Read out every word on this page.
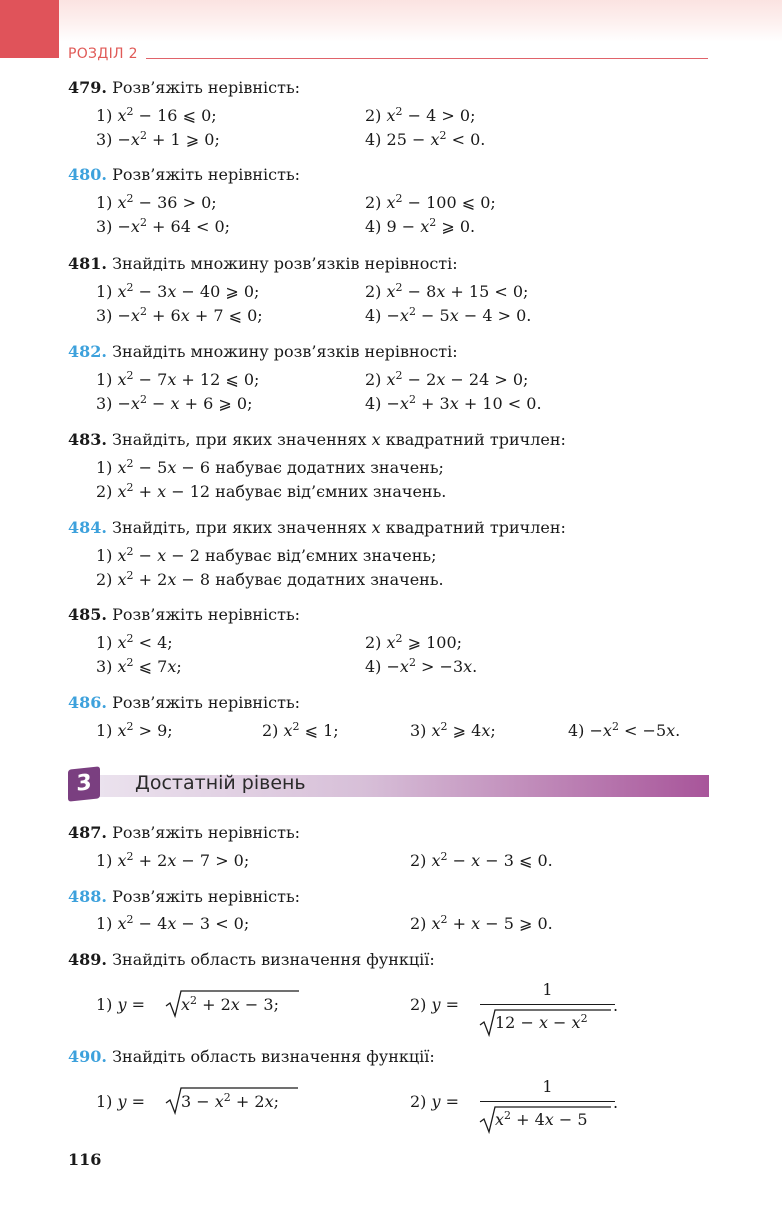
РОЗДІЛ 2
479. Розв’яжіть нерівність:
1) $x^2 - 16$ ⩽ 0;	2) $x^2 - 4 > 0$;
$3) -x^2 + 1$ ⩾ 0;	4) $25 - x^2 < 0$.
480. Розв’яжіть нерівність:
1) $x^2 - 36 > 0$;	2) $x^2 - 100$ ⩽ 0;
$3) -x^2 + 64 < 0$;	4) $9 - x^2$ ⩾ 0.
481. Знайдіть множину розв’язків нерівності:
1) $x^2 - 3x - 40$ ⩾ 0;	2) $x^2 - 8x + 15 < 0$;
$3) -x^2 + 6x + 7$ ⩽ 0;	$4) -x^2 - 5x - 4 > 0$.
482. Знайдіть множину розв’язків нерівності:
1) $x^2 - 7x + 12$ ⩽ 0;	2) $x^2 - 2x - 24 > 0$;
$3) -x^2 - x + 6$ ⩾ 0;	$4) -x^2 + 3x + 10 < 0$.
483. Знайдіть, при яких значеннях x квадратний тричлен:
1) $x^2 - 5x - 6$ набуває додатних значень;
2) $x^2 + x - 12$ набуває від’ємних значень.
484. Знайдіть, при яких значеннях x квадратний тричлен:
1) $x^2 - x - 2$ набуває від’ємних значень;
2) $x^2 + 2x - 8$ набуває додатних значень.
485. Розв’яжіть нерівність:
1) $x^2 < 4$;	2) $x^2$ ⩾ 100;
3) $x^2$ ⩽ 7x;	$4) -x^2 > -3x$.
486. Розв’яжіть нерівність:
1) $x^2 > 9$;	2) $x^2$ ⩽ 1;	3) $x^2$ ⩾ 4x;	$4) -x^2 < -5x$.
3	Достатній рівень
487. Розв’яжіть нерівність:
1) $x^2 + 2x - 7 > 0$;	2) $x^2 - x - 3$ ⩽ 0.
488. Розв’яжіть нерівність:
1) $x^2 - 4x - 3 < 0$;	2) $x^2 + x - 5$ ⩾ 0.
489. Знайдіть область визначення функції:
1) $y = x^2 + 2x - 3$;	2) y =
1
$12 - x - x^2$
.
490. Знайдіть область визначення функції:
1) $y = 3 - x^2 + 2x$;	2) y =
1
$x^2 + 4x - 5$
.
116
